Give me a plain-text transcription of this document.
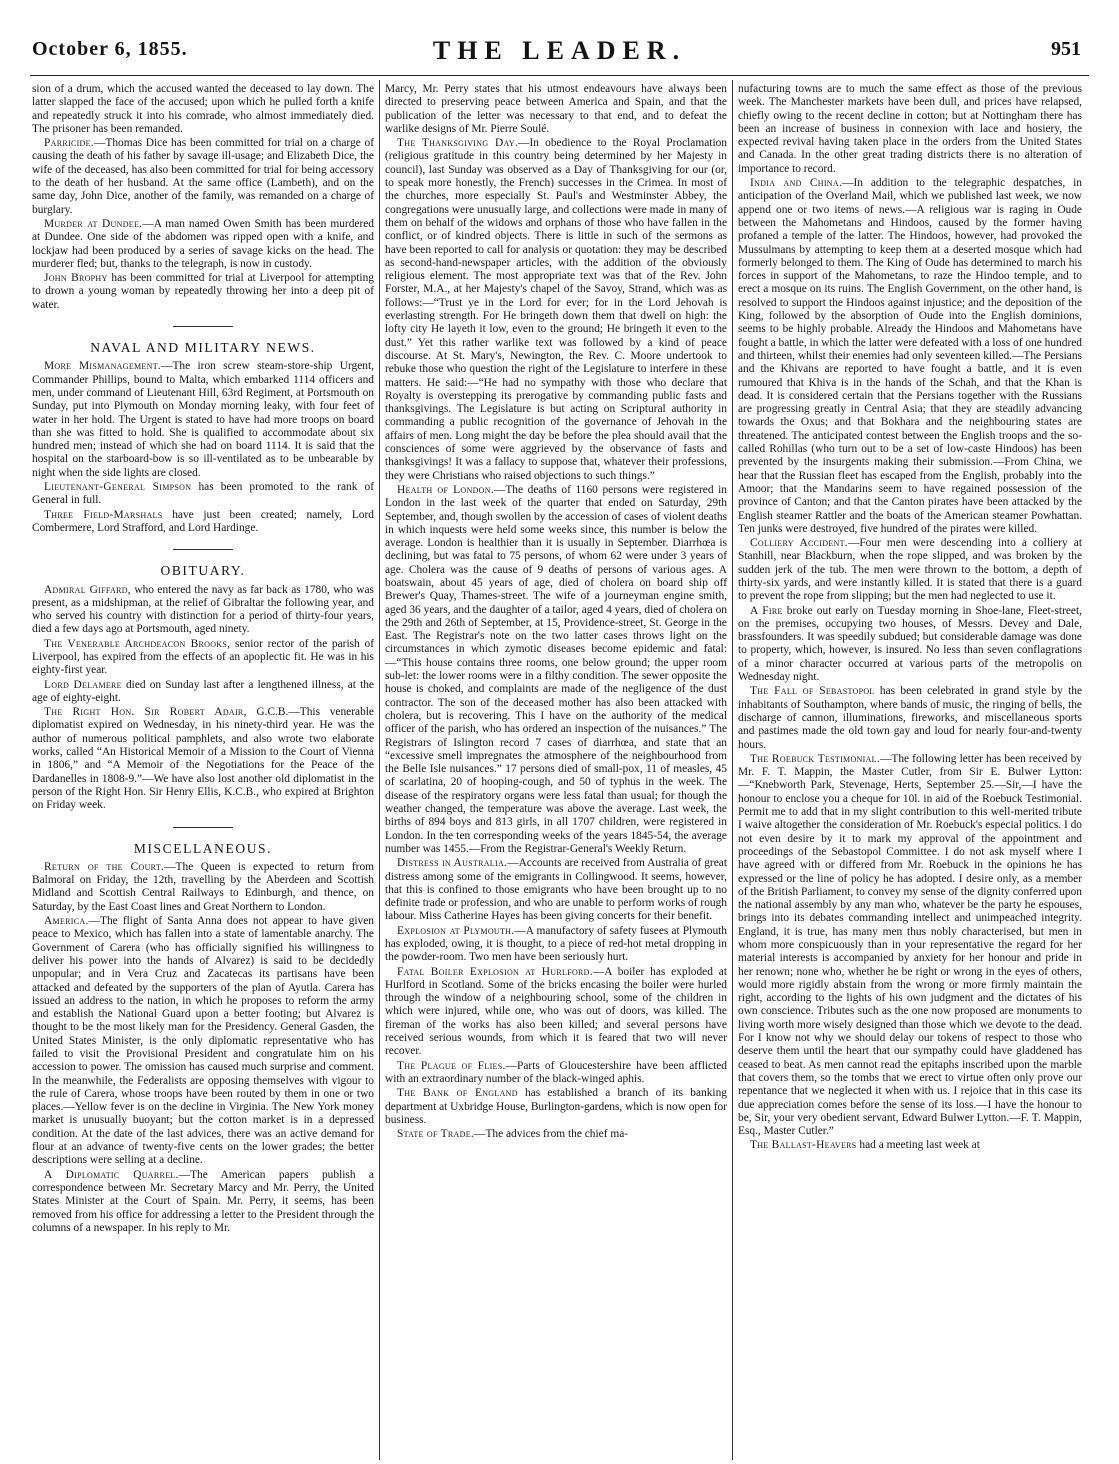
October 6, 1855.	THE LEADER.	951

sion of a drum, which the accused wanted the deceased to lay down. The latter slapped the face of the accused; upon which he pulled forth a knife and repeatedly struck it into his comrade, who almost immediately died. The prisoner has been remanded.

Parricide.—Thomas Dice has been committed for trial on a charge of causing the death of his father by savage ill-usage; and Elizabeth Dice, the wife of the deceased, has also been committed for trial for being accessory to the death of her husband. At the same office (Lambeth), and on the same day, John Dice, another of the family, was remanded on a charge of burglary.

Murder at Dundee.—A man named Owen Smith has been murdered at Dundee. One side of the abdomen was ripped open with a knife, and lockjaw had been produced by a series of savage kicks on the head. The murderer fled; but, thanks to the telegraph, is now in custody.

John Brophy has been committed for trial at Liverpool for attempting to drown a young woman by repeatedly throwing her into a deep pit of water.

NAVAL AND MILITARY NEWS.

More Mismanagement.—The iron screw steam-store-ship Urgent, Commander Phillips, bound to Malta, which embarked 1114 officers and men, under command of Lieutenant Hill, 63rd Regiment, at Portsmouth on Sunday, put into Plymouth on Monday morning leaky, with four feet of water in her hold. The Urgent is stated to have had more troops on board than she was fitted to hold. She is qualified to accommodate about six hundred men; instead of which she had on board 1114. It is said that the hospital on the starboard-bow is so ill-ventilated as to be unbearable by night when the side lights are closed.

Lieutenant-General Simpson has been promoted to the rank of General in full.

Three Field-Marshals have just been created; namely, Lord Combermere, Lord Strafford, and Lord Hardinge.

OBITUARY.

Admiral Giffard, who entered the navy as far back as 1780, who was present, as a midshipman, at the relief of Gibraltar the following year, and who served his country with distinction for a period of thirty-four years, died a few days ago at Portsmouth, aged ninety.

The Venerable Archdeacon Brooks, senior rector of the parish of Liverpool, has expired from the effects of an apoplectic fit. He was in his eighty-first year.

Lord Delamere died on Sunday last after a lengthened illness, at the age of eighty-eight.

The Right Hon. Sir Robert Adair, G.C.B.—This venerable diplomatist expired on Wednesday, in his ninety-third year. He was the author of numerous political pamphlets, and also wrote two elaborate works, called “An Historical Memoir of a Mission to the Court of Vienna in 1806,” and “A Memoir of the Negotiations for the Peace of the Dardanelles in 1808-9.”—We have also lost another old diplomatist in the person of the Right Hon. Sir Henry Ellis, K.C.B., who expired at Brighton on Friday week.

MISCELLANEOUS.

Return of the Court.—The Queen is expected to return from Balmoral on Friday, the 12th, travelling by the Aberdeen and Scottish Midland and Scottish Central Railways to Edinburgh, and thence, on Saturday, by the East Coast lines and Great Northern to London.

America.—The flight of Santa Anna does not appear to have given peace to Mexico, which has fallen into a state of lamentable anarchy. The Government of Carera (who has officially signified his willingness to deliver his power into the hands of Alvarez) is said to be decidedly unpopular; and in Vera Cruz and Zacatecas its partisans have been attacked and defeated by the supporters of the plan of Ayutla. Carera has issued an address to the nation, in which he proposes to reform the army and establish the National Guard upon a better footing; but Alvarez is thought to be the most likely man for the Presidency. General Gasden, the United States Minister, is the only diplomatic representative who has failed to visit the Provisional President and congratulate him on his accession to power. The omission has caused much surprise and comment. In the meanwhile, the Federalists are opposing themselves with vigour to the rule of Carera, whose troops have been routed by them in one or two places.—Yellow fever is on the decline in Virginia. The New York money market is unusually buoyant; but the cotton market is in a depressed condition. At the date of the last advices, there was an active demand for flour at an advance of twenty-five cents on the lower grades; the better descriptions were selling at a decline.

A Diplomatic Quarrel.—The American papers publish a correspondence between Mr. Secretary Marcy and Mr. Perry, the United States Minister at the Court of Spain. Mr. Perry, it seems, has been removed from his office for addressing a letter to the President through the columns of a newspaper. In his reply to Mr.

Marcy, Mr. Perry states that his utmost endeavours have always been directed to preserving peace between America and Spain, and that the publication of the letter was necessary to that end, and to defeat the warlike designs of Mr. Pierre Soulé.

The Thanksgiving Day.—In obedience to the Royal Proclamation (religious gratitude in this country being determined by her Majesty in council), last Sunday was observed as a Day of Thanksgiving for our (or, to speak more honestly, the French) successes in the Crimea. In most of the churches, more especially St. Paul's and Westminster Abbey, the congregations were unusually large, and collections were made in many of them on behalf of the widows and orphans of those who have fallen in the conflict, or of kindred objects. There is little in such of the sermons as have been reported to call for analysis or quotation: they may be described as second-hand-newspaper articles, with the addition of the obviously religious element. The most appropriate text was that of the Rev. John Forster, M.A., at her Majesty's chapel of the Savoy, Strand, which was as follows:—“Trust ye in the Lord for ever; for in the Lord Jehovah is everlasting strength. For He bringeth down them that dwell on high: the lofty city He layeth it low, even to the ground; He bringeth it even to the dust.” Yet this rather warlike text was followed by a kind of peace discourse. At St. Mary's, Newington, the Rev. C. Moore undertook to rebuke those who question the right of the Legislature to interfere in these matters. He said:—“He had no sympathy with those who declare that Royalty is overstepping its prerogative by commanding public fasts and thanksgivings. The Legislature is but acting on Scriptural authority in commanding a public recognition of the governance of Jehovah in the affairs of men. Long might the day be before the plea should avail that the consciences of some were aggrieved by the observance of fasts and thanksgivings! It was a fallacy to suppose that, whatever their professions, they were Christians who raised objections to such things.”

Health of London.—The deaths of 1160 persons were registered in London in the last week of the quarter that ended on Saturday, 29th September, and, though swollen by the accession of cases of violent deaths in which inquests were held some weeks since, this number is below the average. London is healthier than it is usually in September. Diarrhœa is declining, but was fatal to 75 persons, of whom 62 were under 3 years of age. Cholera was the cause of 9 deaths of persons of various ages. A boatswain, about 45 years of age, died of cholera on board ship off Brewer's Quay, Thames-street. The wife of a journeyman engine smith, aged 36 years, and the daughter of a tailor, aged 4 years, died of cholera on the 29th and 26th of September, at 15, Providence-street, St. George in the East. The Registrar's note on the two latter cases throws light on the circumstances in which zymotic diseases become epidemic and fatal:—“This house contains three rooms, one below ground; the upper room sub-let: the lower rooms were in a filthy condition. The sewer opposite the house is choked, and complaints are made of the negligence of the dust contractor. The son of the deceased mother has also been attacked with cholera, but is recovering. This I have on the authority of the medical officer of the parish, who has ordered an inspection of the nuisances.” The Registrars of Islington record 7 cases of diarrhœa, and state that an “excessive smell impregnates the atmosphere of the neighbourhood from the Belle Isle nuisances.” 17 persons died of small-pox, 11 of measles, 45 of scarlatina, 20 of hooping-cough, and 50 of typhus in the week. The disease of the respiratory organs were less fatal than usual; for though the weather changed, the temperature was above the average. Last week, the births of 894 boys and 813 girls, in all 1707 children, were registered in London. In the ten corresponding weeks of the years 1845-54, the average number was 1455.—From the Registrar-General's Weekly Return.

Distress in Australia.—Accounts are received from Australia of great distress among some of the emigrants in Collingwood. It seems, however, that this is confined to those emigrants who have been brought up to no definite trade or profession, and who are unable to perform works of rough labour. Miss Catherine Hayes has been giving concerts for their benefit.

Explosion at Plymouth.—A manufactory of safety fusees at Plymouth has exploded, owing, it is thought, to a piece of red-hot metal dropping in the powder-room. Two men have been seriously hurt.

Fatal Boiler Explosion at Hurlford.—A boiler has exploded at Hurlford in Scotland. Some of the bricks encasing the boiler were hurled through the window of a neighbouring school, some of the children in which were injured, while one, who was out of doors, was killed. The fireman of the works has also been killed; and several persons have received serious wounds, from which it is feared that two will never recover.

The Plague of Flies.—Parts of Gloucestershire have been afflicted with an extraordinary number of the black-winged aphis.

The Bank of England has established a branch of its banking department at Uxbridge House, Burlington-gardens, which is now open for business.

State of Trade.—The advices from the chief ma-

nufacturing towns are to much the same effect as those of the previous week. The Manchester markets have been dull, and prices have relapsed, chiefly owing to the recent decline in cotton; but at Nottingham there has been an increase of business in connexion with lace and hosiery, the expected revival having taken place in the orders from the United States and Canada. In the other great trading districts there is no alteration of importance to record.

India and China.—In addition to the telegraphic despatches, in anticipation of the Overland Mail, which we published last week, we now append one or two items of news.—A religious war is raging in Oude between the Mahometans and Hindoos, caused by the former having profaned a temple of the latter. The Hindoos, however, had provoked the Mussulmans by attempting to keep them at a deserted mosque which had formerly belonged to them. The King of Oude has determined to march his forces in support of the Mahometans, to raze the Hindoo temple, and to erect a mosque on its ruins. The English Government, on the other hand, is resolved to support the Hindoos against injustice; and the deposition of the King, followed by the absorption of Oude into the English dominions, seems to be highly probable. Already the Hindoos and Mahometans have fought a battle, in which the latter were defeated with a loss of one hundred and thirteen, whilst their enemies had only seventeen killed.—The Persians and the Khivans are reported to have fought a battle, and it is even rumoured that Khiva is in the hands of the Schah, and that the Khan is dead. It is considered certain that the Persians together with the Russians are progressing greatly in Central Asia; that they are steadily advancing towards the Oxus; and that Bokhara and the neighbouring states are threatened. The anticipated contest between the English troops and the so-called Rohillas (who turn out to be a set of low-caste Hindoos) has been prevented by the insurgents making their submission.—From China, we hear that the Russian fleet has escaped from the English, probably into the Amoor; that the Mandarins seem to have regained possession of the province of Canton; and that the Canton pirates have been attacked by the English steamer Rattler and the boats of the American steamer Powhattan. Ten junks were destroyed, five hundred of the pirates were killed.

Colliery Accident.—Four men were descending into a colliery at Stanhill, near Blackburn, when the rope slipped, and was broken by the sudden jerk of the tub. The men were thrown to the bottom, a depth of thirty-six yards, and were instantly killed. It is stated that there is a guard to prevent the rope from slipping; but the men had neglected to use it.

A Fire broke out early on Tuesday morning in Shoe-lane, Fleet-street, on the premises, occupying two houses, of Messrs. Devey and Dale, brassfounders. It was speedily subdued; but considerable damage was done to property, which, however, is insured. No less than seven conflagrations of a minor character occurred at various parts of the metropolis on Wednesday night.

The Fall of Sebastopol has been celebrated in grand style by the inhabitants of Southampton, where bands of music, the ringing of bells, the discharge of cannon, illuminations, fireworks, and miscellaneous sports and pastimes made the old town gay and loud for nearly four-and-twenty hours.

The Roebuck Testimonial.—The following letter has been received by Mr. F. T. Mappin, the Master Cutler, from Sir E. Bulwer Lytton:—“Knebworth Park, Stevenage, Herts, September 25.—Sir,—I have the honour to enclose you a cheque for 10l. in aid of the Roebuck Testimonial. Permit me to add that in my slight contribution to this well-merited tribute I waive altogether the consideration of Mr. Roebuck's especial politics. I do not even desire by it to mark my approval of the appointment and proceedings of the Sebastopol Committee. I do not ask myself where I have agreed with or differed from Mr. Roebuck in the opinions he has expressed or the line of policy he has adopted. I desire only, as a member of the British Parliament, to convey my sense of the dignity conferred upon the national assembly by any man who, whatever be the party he espouses, brings into its debates commanding intellect and unimpeached integrity. England, it is true, has many men thus nobly characterised, but men in whom more conspicuously than in your representative the regard for her material interests is accompanied by anxiety for her honour and pride in her renown; none who, whether he be right or wrong in the eyes of others, would more rigidly abstain from the wrong or more firmly maintain the right, according to the lights of his own judgment and the dictates of his own conscience. Tributes such as the one now proposed are monuments to living worth more wisely designed than those which we devote to the dead. For I know not why we should delay our tokens of respect to those who deserve them until the heart that our sympathy could have gladdened has ceased to beat. As men cannot read the epitaphs inscribed upon the marble that covers them, so the tombs that we erect to virtue often only prove our repentance that we neglected it when with us. I rejoice that in this case its due appreciation comes before the sense of its loss.—I have the honour to be, Sir, your very obedient servant, Edward Bulwer Lytton.—F. T. Mappin, Esq., Master Cutler.”

The Ballast-Heavers had a meeting last week at
